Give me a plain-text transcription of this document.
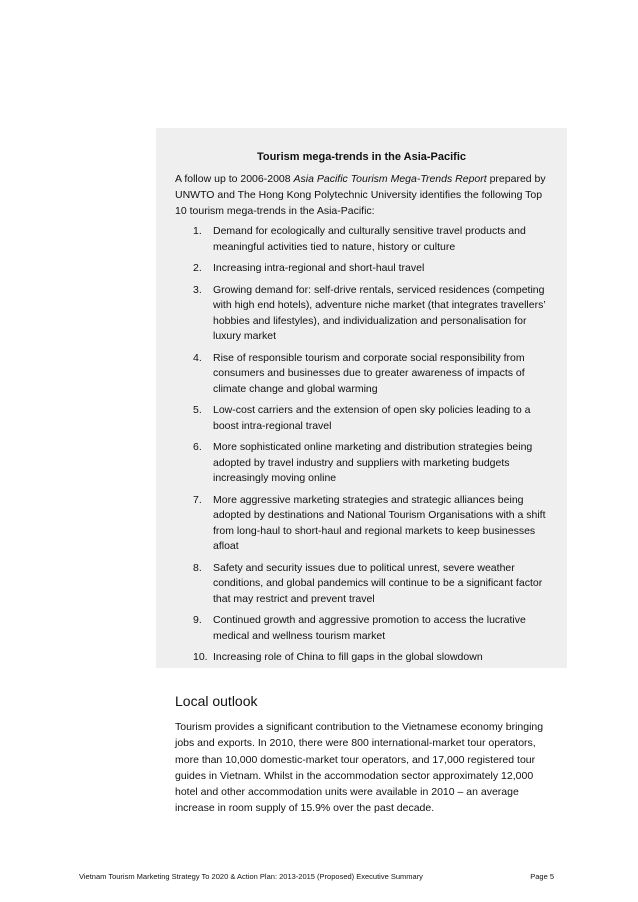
Tourism mega-trends in the Asia-Pacific
A follow up to 2006-2008 Asia Pacific Tourism Mega-Trends Report prepared by UNWTO and The Hong Kong Polytechnic University identifies the following Top 10 tourism mega-trends in the Asia-Pacific:
1. Demand for ecologically and culturally sensitive travel products and meaningful activities tied to nature, history or culture
2. Increasing intra-regional and short-haul travel
3. Growing demand for: self-drive rentals, serviced residences (competing with high end hotels), adventure niche market (that integrates travellers’ hobbies and lifestyles), and individualization and personalisation for luxury market
4. Rise of responsible tourism and corporate social responsibility from consumers and businesses due to greater awareness of impacts of climate change and global warming
5. Low-cost carriers and the extension of open sky policies leading to a boost intra-regional travel
6. More sophisticated online marketing and distribution strategies being adopted by travel industry and suppliers with marketing budgets increasingly moving online
7. More aggressive marketing strategies and strategic alliances being adopted by destinations and National Tourism Organisations with a shift from long-haul to short-haul and regional markets to keep businesses afloat
8. Safety and security issues due to political unrest, severe weather conditions, and global pandemics will continue to be a significant factor that may restrict and prevent travel
9. Continued growth and aggressive promotion to access the lucrative medical and wellness tourism market
10. Increasing role of China to fill gaps in the global slowdown
Local outlook
Tourism provides a significant contribution to the Vietnamese economy bringing jobs and exports. In 2010, there were 800 international-market tour operators, more than 10,000 domestic-market tour operators, and 17,000 registered tour guides in Vietnam. Whilst in the accommodation sector approximately 12,000 hotel and other accommodation units were available in 2010 – an average increase in room supply of 15.9% over the past decade.
Vietnam Tourism Marketing Strategy To 2020 & Action Plan: 2013-2015 (Proposed) Executive Summary	Page 5
